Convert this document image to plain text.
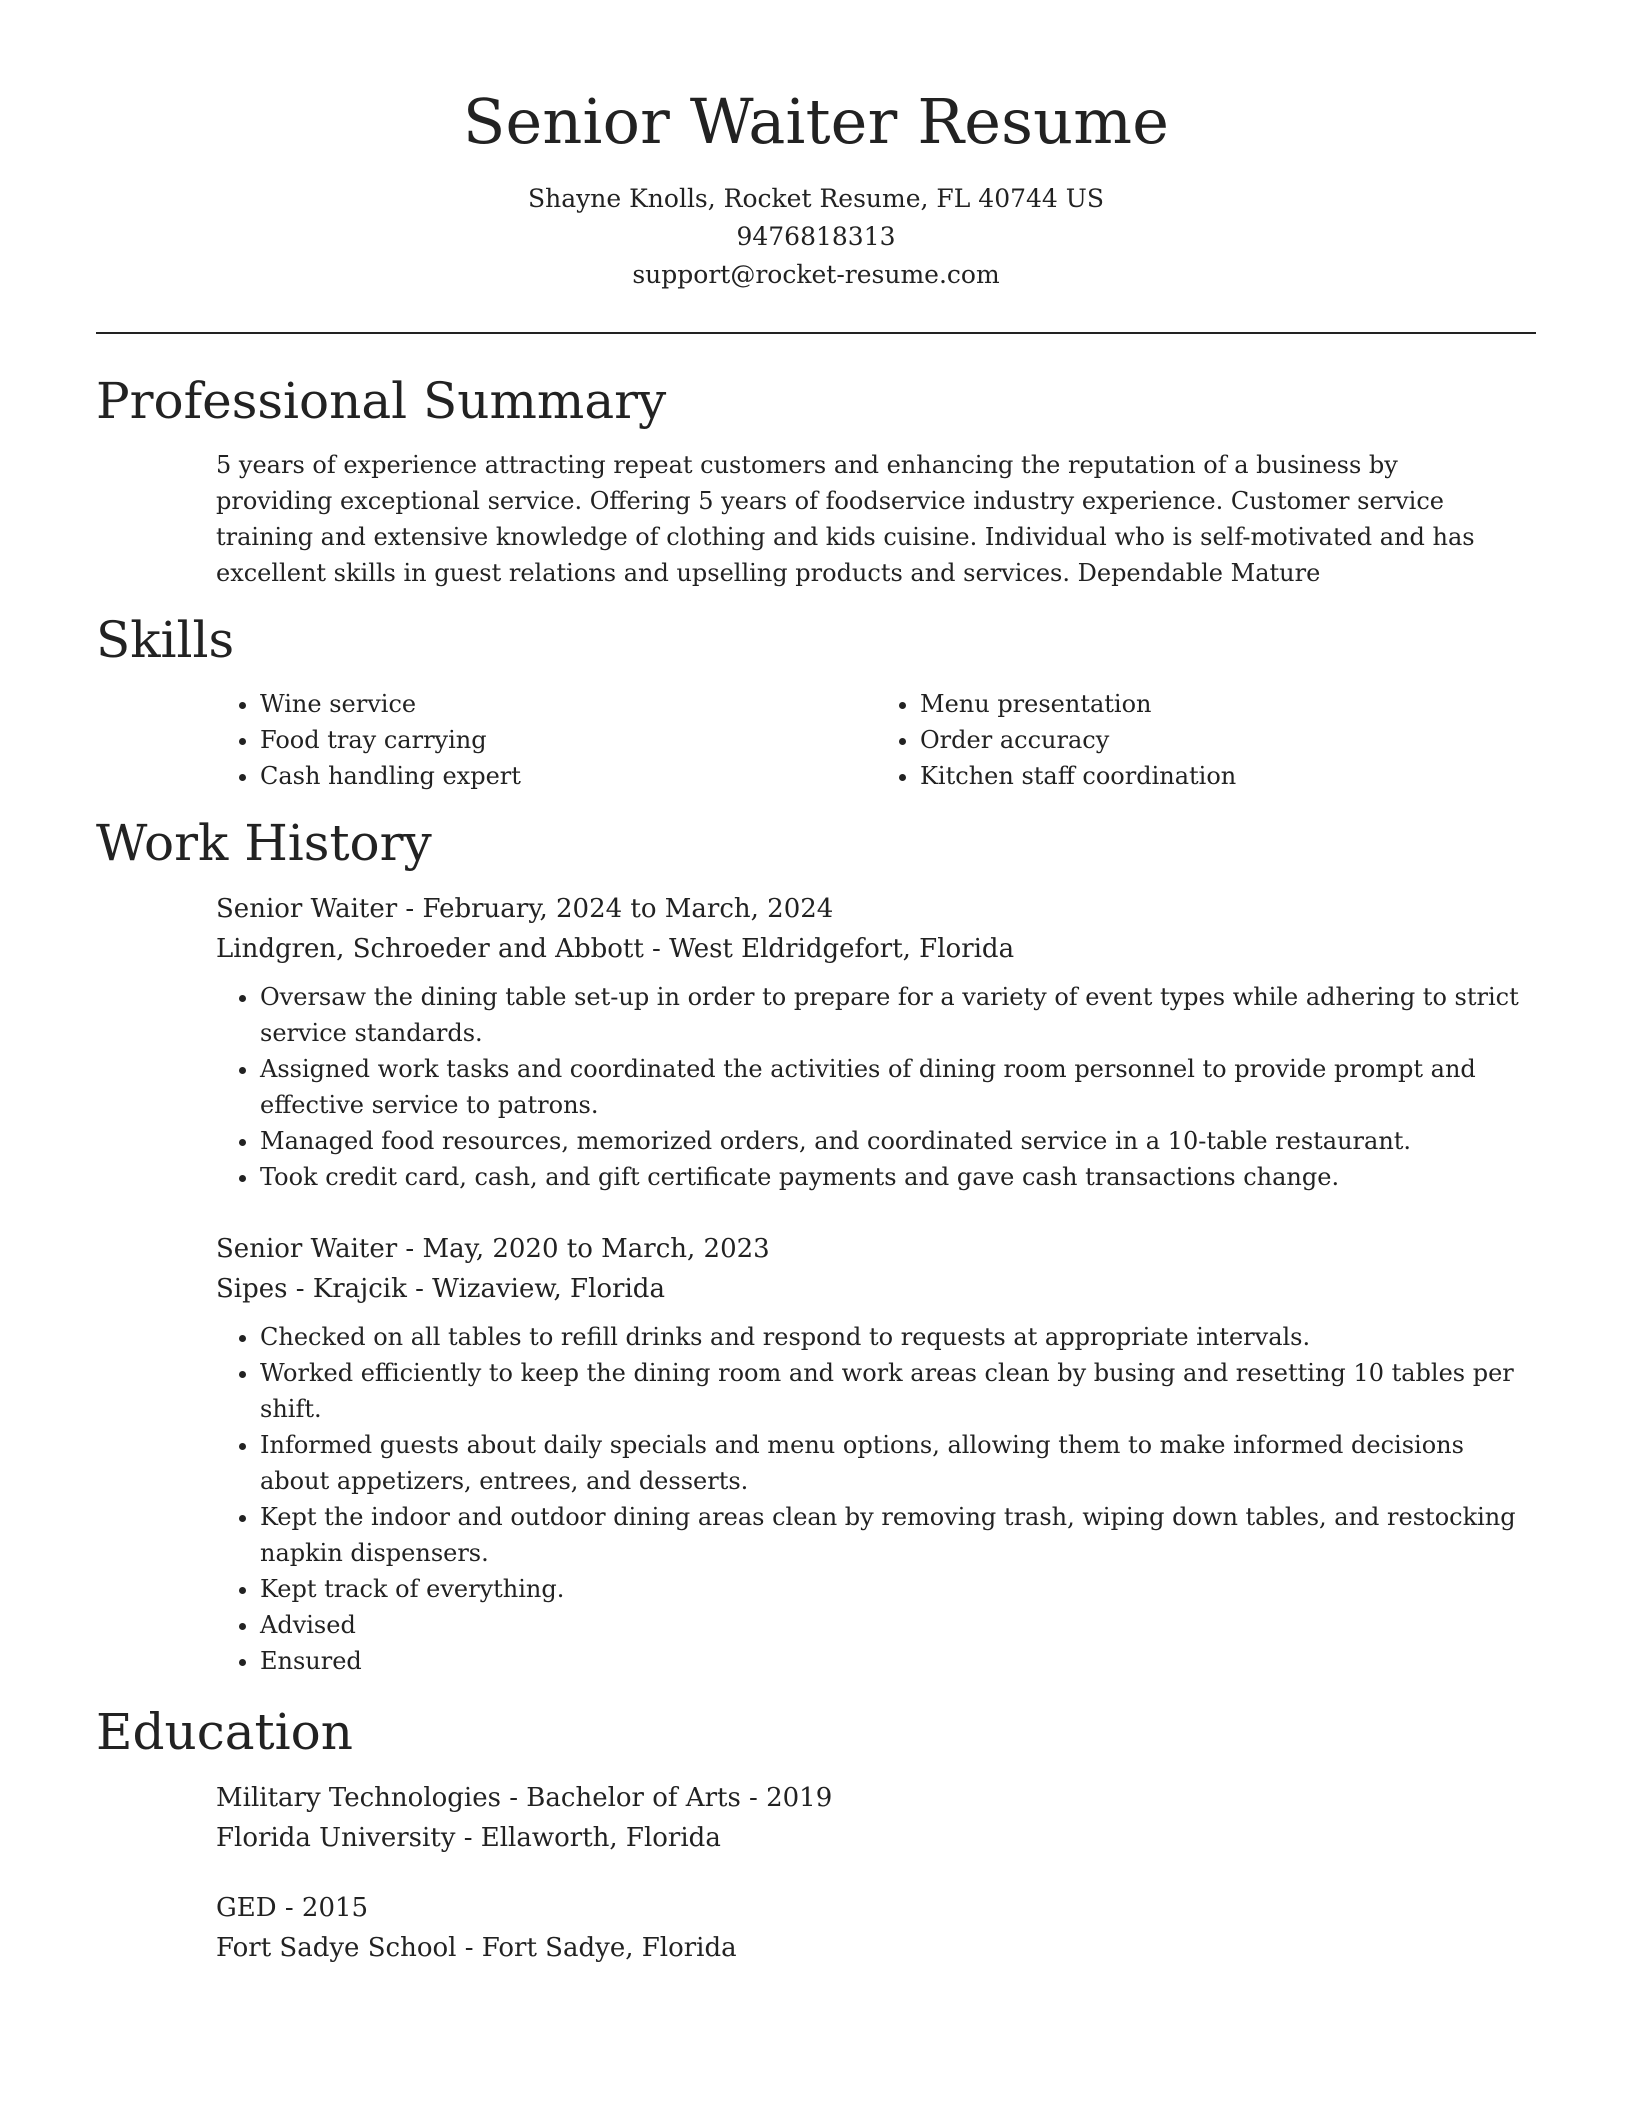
Senior Waiter Resume
Shayne Knolls, Rocket Resume, FL 40744 US
9476818313
support@rocket-resume.com
Professional Summary

5 years of experience attracting repeat customers and enhancing the reputation of a business by providing exceptional service. Offering 5 years of foodservice industry experience. Customer service training and extensive knowledge of clothing and kids cuisine. Individual who is self-motivated and has excellent skills in guest relations and upselling products and services. Dependable Mature

Skills
• Wine service
• Food tray carrying
• Cash handling expert
• Menu presentation
• Order accuracy
• Kitchen staff coordination
Work History
Senior Waiter - February, 2024 to March, 2024
Lindgren, Schroeder and Abbott - West Eldridgefort, Florida
• Oversaw the dining table set-up in order to prepare for a variety of event types while adhering to strict service standards.
• Assigned work tasks and coordinated the activities of dining room personnel to provide prompt and effective service to patrons.
• Managed food resources, memorized orders, and coordinated service in a 10-table restaurant.
• Took credit card, cash, and gift certificate payments and gave cash transactions change.
Senior Waiter - May, 2020 to March, 2023
Sipes - Krajcik - Wizaview, Florida
• Checked on all tables to refill drinks and respond to requests at appropriate intervals.
• Worked efficiently to keep the dining room and work areas clean by busing and resetting 10 tables per shift.
• Informed guests about daily specials and menu options, allowing them to make informed decisions about appetizers, entrees, and desserts.
• Kept the indoor and outdoor dining areas clean by removing trash, wiping down tables, and restocking napkin dispensers.
• Kept track of everything.
• Advised
• Ensured
Education
Military Technologies - Bachelor of Arts - 2019
Florida University - Ellaworth, Florida
GED - 2015
Fort Sadye School - Fort Sadye, Florida
